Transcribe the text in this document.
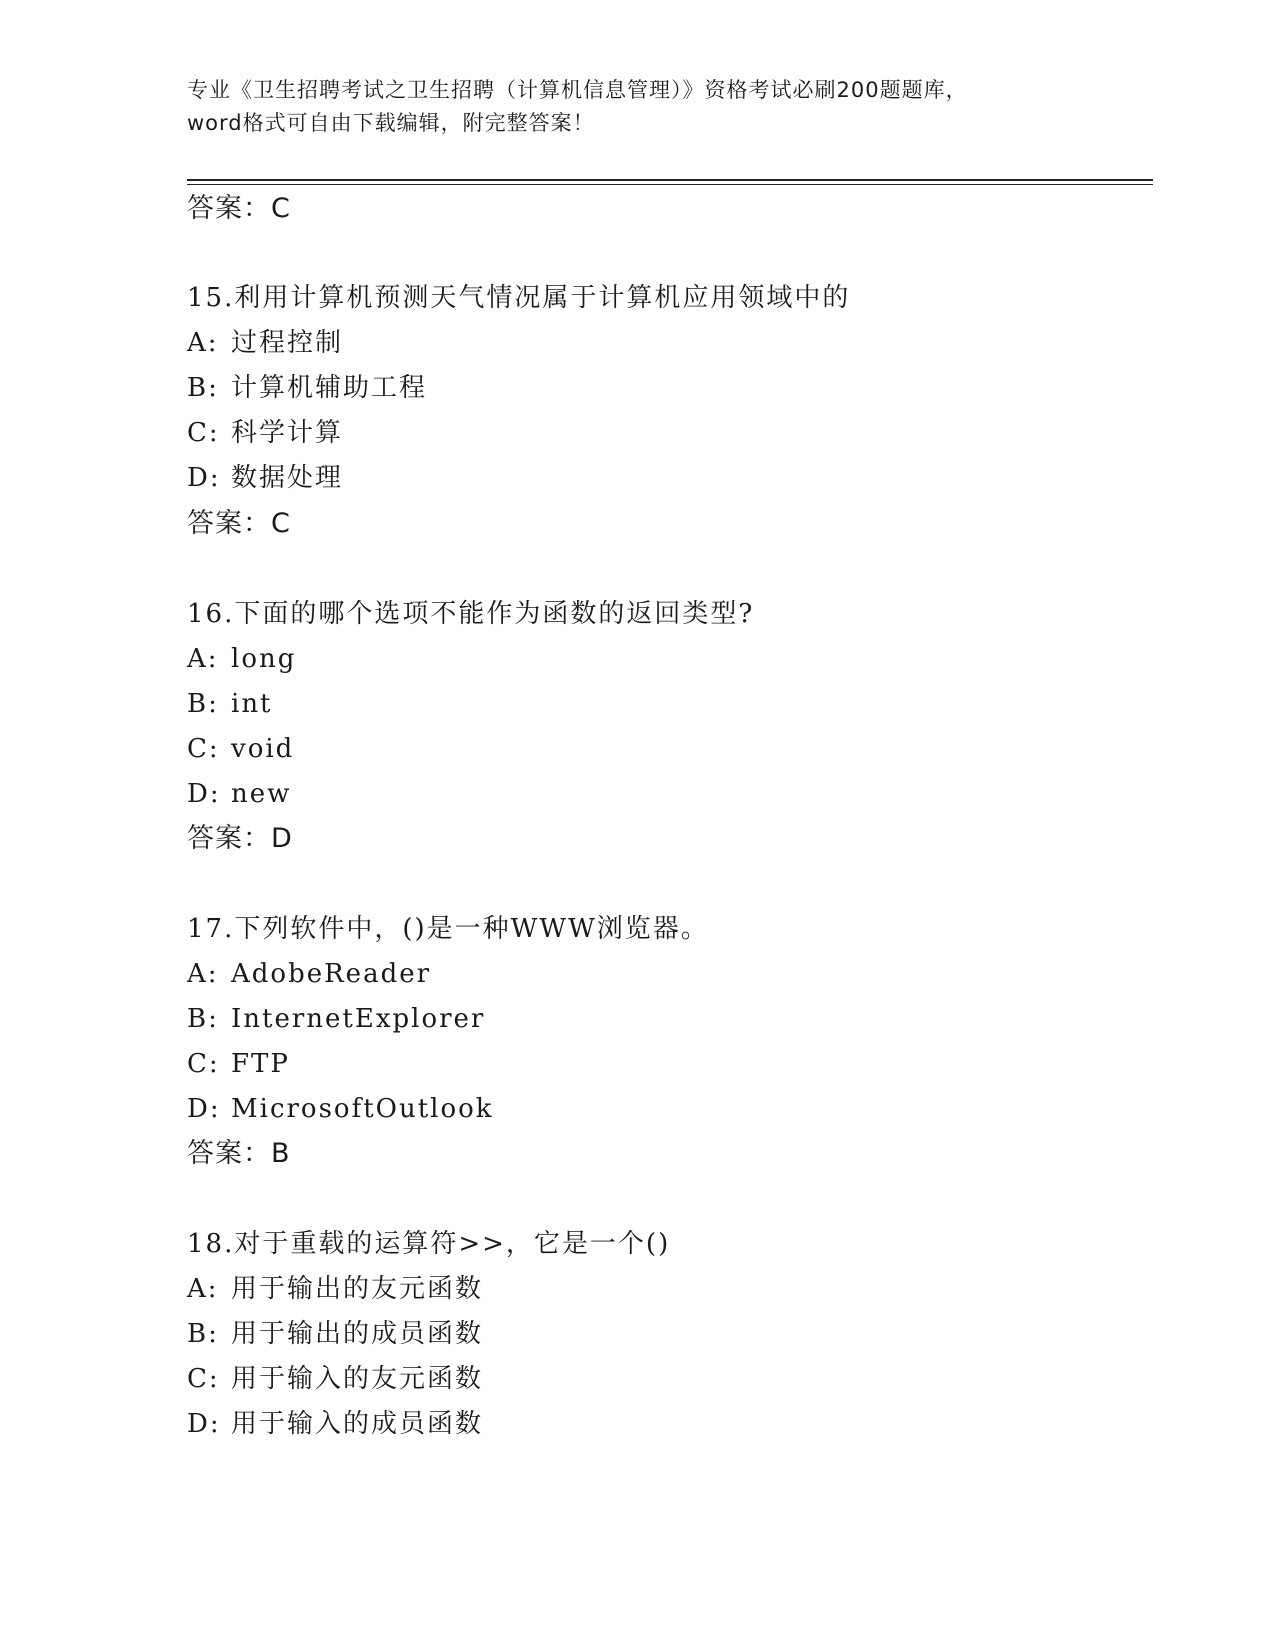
专业《卫生招聘考试之卫生招聘（计算机信息管理）》资格考试必刷200题题库，
word格式可自由下载编辑，附完整答案！
答案：C
15.利用计算机预测天气情况属于计算机应用领域中的
A: 过程控制
B: 计算机辅助工程
C: 科学计算
D: 数据处理
答案：C
16.下面的哪个选项不能作为函数的返回类型?
A: long
B: int
C: void
D: new
答案：D
17.下列软件中，()是一种WWW浏览器。
A: AdobeReader
B: InternetExplorer
C: FTP
D: MicrosoftOutlook
答案：B
18.对于重载的运算符>>，它是一个()
A: 用于输出的友元函数
B: 用于输出的成员函数
C: 用于输入的友元函数
D: 用于输入的成员函数
